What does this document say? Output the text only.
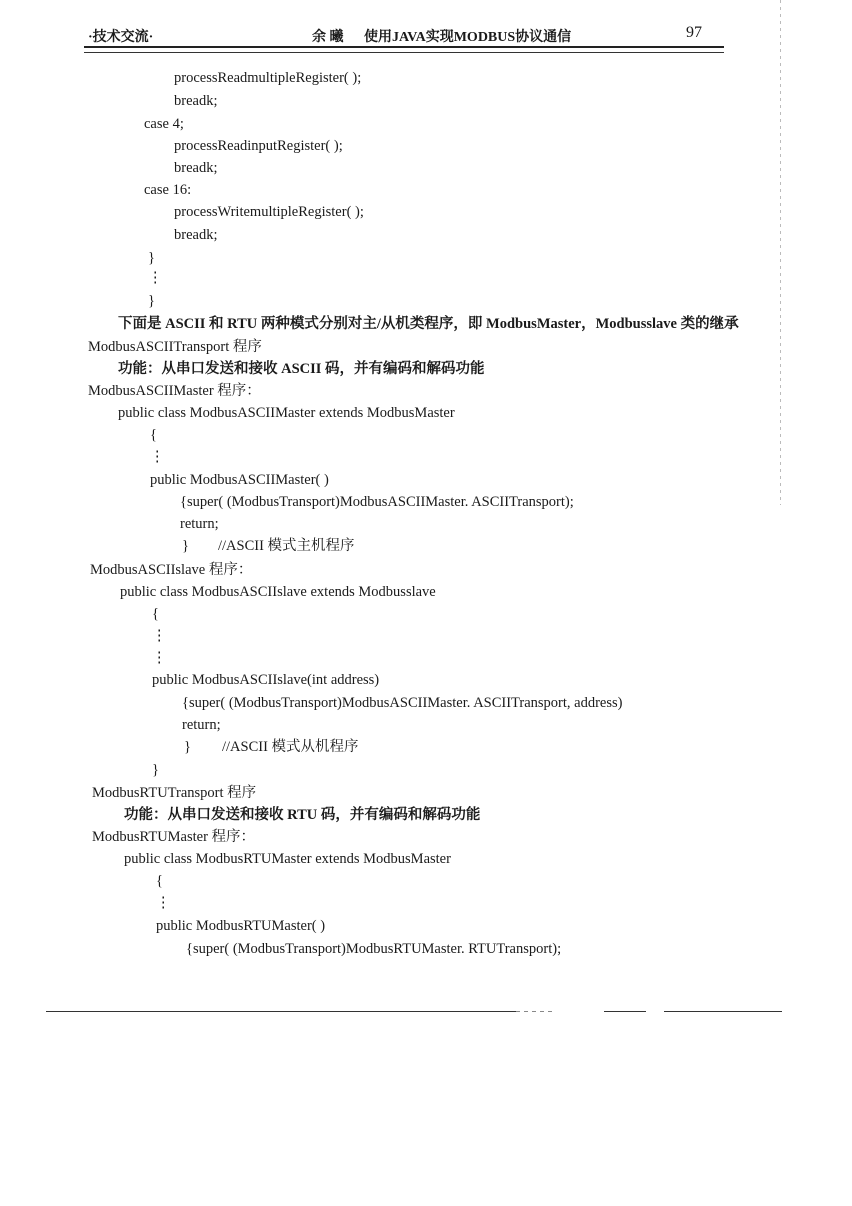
·技术交流·	余 曦 使用JAVA实现MODBUS协议通信	97
processReadmultipleRegister( );
breadk;
case 4;
processReadinputRegister( );
breadk;
case 16:
processWritemultipleRegister( );
breadk;
}
⋮
}
下面是 ASCII 和 RTU 两种模式分别对主/从机类程序，即 ModbusMaster，Modbusslave 类的继承
ModbusASCIITransport 程序
功能：从串口发送和接收 ASCII 码，并有编码和解码功能
ModbusASCIIMaster 程序：
public class ModbusASCIIMaster extends ModbusMaster
{
⋮
public ModbusASCIIMaster( )
{super( (ModbusTransport)ModbusASCIIMaster. ASCIITransport);
return;
} //ASCII 模式主机程序
ModbusASCIIslave 程序：
public class ModbusASCIIslave extends Modbusslave
{
⋮
⋮
public ModbusASCIIslave(int address)
{super( (ModbusTransport)ModbusASCIIMaster. ASCIITransport, address)
return;
} //ASCII 模式从机程序
}
ModbusRTUTransport 程序
功能：从串口发送和接收 RTU 码，并有编码和解码功能
ModbusRTUMaster 程序：
public class ModbusRTUMaster extends ModbusMaster
{
⋮
public ModbusRTUMaster( )
{super( (ModbusTransport)ModbusRTUMaster. RTUTransport);
